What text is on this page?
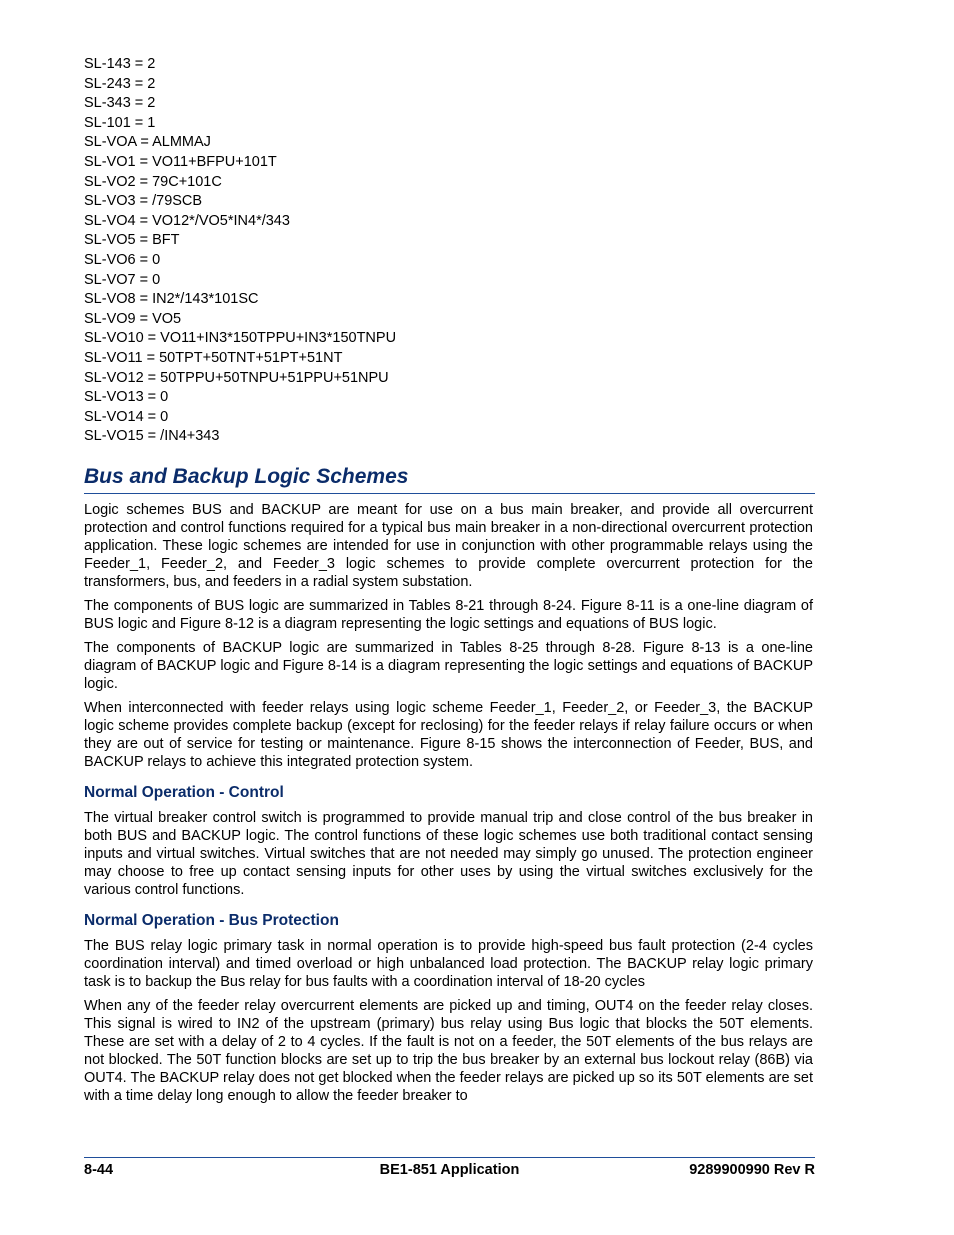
SL-143 = 2
SL-243 = 2
SL-343 = 2
SL-101 = 1
SL-VOA = ALMMAJ
SL-VO1 = VO11+BFPU+101T
SL-VO2 = 79C+101C
SL-VO3 = /79SCB
SL-VO4 = VO12*/VO5*IN4*/343
SL-VO5 = BFT
SL-VO6 = 0
SL-VO7 = 0
SL-VO8 = IN2*/143*101SC
SL-VO9 = VO5
SL-VO10 = VO11+IN3*150TPPU+IN3*150TNPU
SL-VO11 = 50TPT+50TNT+51PT+51NT
SL-VO12 = 50TPPU+50TNPU+51PPU+51NPU
SL-VO13 = 0
SL-VO14 = 0
SL-VO15 = /IN4+343
Bus and Backup Logic Schemes

Logic schemes BUS and BACKUP are meant for use on a bus main breaker, and provide all overcurrent protection and control functions required for a typical bus main breaker in a non-directional overcurrent protection application. These logic schemes are intended for use in conjunction with other programmable relays using the Feeder_1, Feeder_2, and Feeder_3 logic schemes to provide complete overcurrent protection for the transformers, bus, and feeders in a radial system substation.

The components of BUS logic are summarized in Tables 8-21 through 8-24. Figure 8-11 is a one-line diagram of BUS logic and Figure 8-12 is a diagram representing the logic settings and equations of BUS logic.

The components of BACKUP logic are summarized in Tables 8-25 through 8-28. Figure 8-13 is a one-line diagram of BACKUP logic and Figure 8-14 is a diagram representing the logic settings and equations of BACKUP logic.

When interconnected with feeder relays using logic scheme Feeder_1, Feeder_2, or Feeder_3, the BACKUP logic scheme provides complete backup (except for reclosing) for the feeder relays if relay failure occurs or when they are out of service for testing or maintenance. Figure 8-15 shows the interconnection of Feeder, BUS, and BACKUP relays to achieve this integrated protection system.

Normal Operation - Control

The virtual breaker control switch is programmed to provide manual trip and close control of the bus breaker in both BUS and BACKUP logic. The control functions of these logic schemes use both traditional contact sensing inputs and virtual switches. Virtual switches that are not needed may simply go unused. The protection engineer may choose to free up contact sensing inputs for other uses by using the virtual switches exclusively for the various control functions.

Normal Operation - Bus Protection

The BUS relay logic primary task in normal operation is to provide high-speed bus fault protection (2-4 cycles coordination interval) and timed overload or high unbalanced load protection. The BACKUP relay logic primary task is to backup the Bus relay for bus faults with a coordination interval of 18-20 cycles

When any of the feeder relay overcurrent elements are picked up and timing, OUT4 on the feeder relay closes. This signal is wired to IN2 of the upstream (primary) bus relay using Bus logic that blocks the 50T elements. These are set with a delay of 2 to 4 cycles. If the fault is not on a feeder, the 50T elements of the bus relays are not blocked. The 50T function blocks are set up to trip the bus breaker by an external bus lockout relay (86B) via OUT4. The BACKUP relay does not get blocked when the feeder relays are picked up so its 50T elements are set with a time delay long enough to allow the feeder breaker to

8-44	BE1-851 Application	9289900990 Rev R
